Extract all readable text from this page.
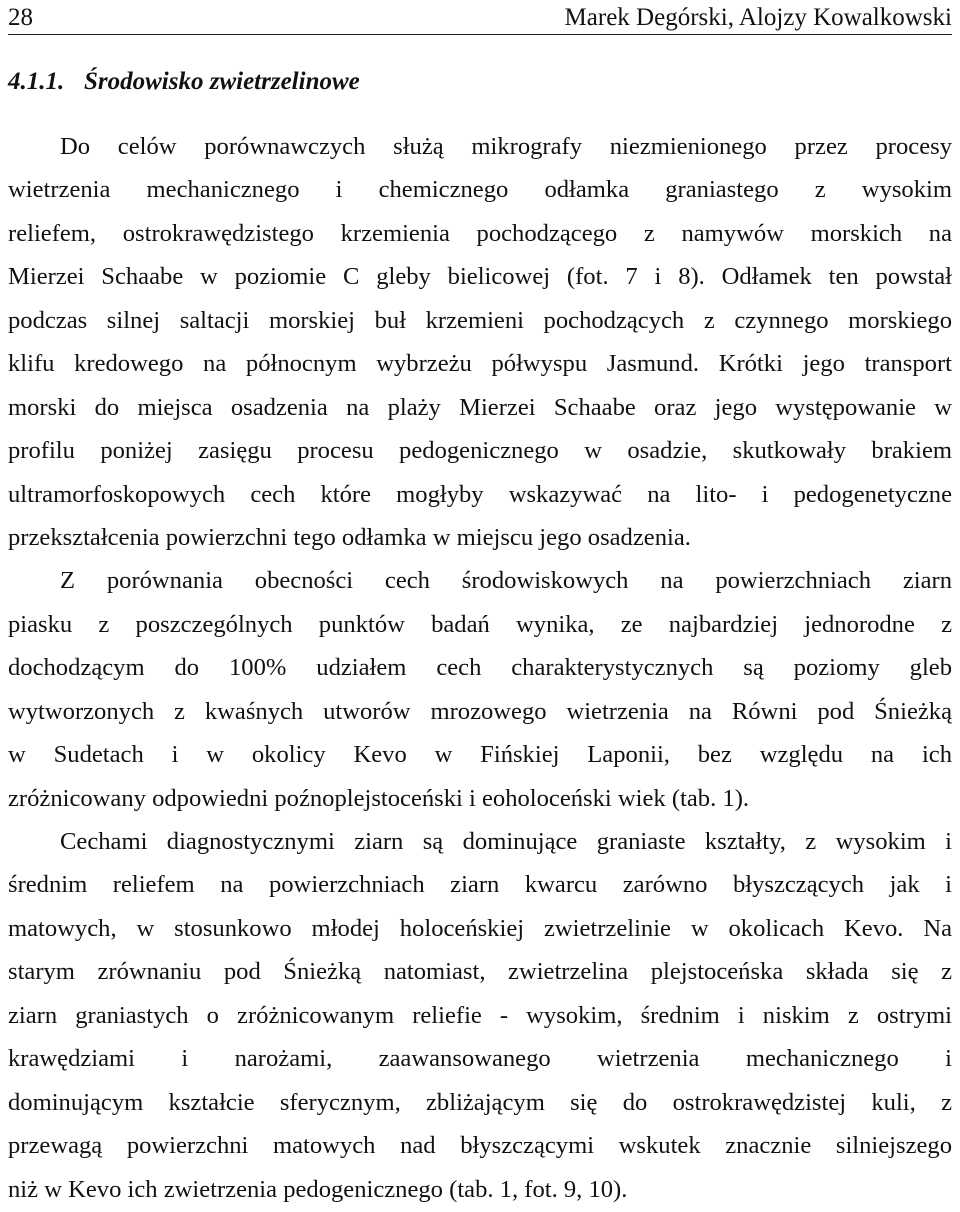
28	Marek Degórski, Alojzy Kowalkowski
4.1.1. Środowisko zwietrzelinowe
Do celów porównawczych służą mikrografy niezmienionego przez procesy
wietrzenia mechanicznego i chemicznego odłamka graniastego z wysokim
reliefem, ostrokrawędzistego krzemienia pochodzącego z namywów morskich na
Mierzei Schaabe w poziomie C gleby bielicowej (fot. 7 i 8). Odłamek ten powstał
podczas silnej saltacji morskiej buł krzemieni pochodzących z czynnego morskiego
klifu kredowego na północnym wybrzeżu półwyspu Jasmund. Krótki jego transport
morski do miejsca osadzenia na plaży Mierzei Schaabe oraz jego występowanie w
profilu poniżej zasięgu procesu pedogenicznego w osadzie, skutkowały brakiem
ultramorfoskopowych cech które mogłyby wskazywać na lito- i pedogenetyczne
przekształcenia powierzchni tego odłamka w miejscu jego osadzenia.
Z porównania obecności cech środowiskowych na powierzchniach ziarn
piasku z poszczególnych punktów badań wynika, ze najbardziej jednorodne z
dochodzącym do 100% udziałem cech charakterystycznych są poziomy gleb
wytworzonych z kwaśnych utworów mrozowego wietrzenia na Równi pod Śnieżką
w Sudetach i w okolicy Kevo w Fińskiej Laponii, bez względu na ich
zróżnicowany odpowiedni poźnoplejstoceński i eoholoceński wiek (tab. 1).
Cechami diagnostycznymi ziarn są dominujące graniaste kształty, z wysokim i
średnim reliefem na powierzchniach ziarn kwarcu zarówno błyszczących jak i
matowych, w stosunkowo młodej holoceńskiej zwietrzelinie w okolicach Kevo. Na
starym zrównaniu pod Śnieżką natomiast, zwietrzelina plejstoceńska składa się z
ziarn graniastych o zróżnicowanym reliefie - wysokim, średnim i niskim z ostrymi
krawędziami i narożami, zaawansowanego wietrzenia mechanicznego i
dominującym kształcie sferycznym, zbliżającym się do ostrokrawędzistej kuli, z
przewagą powierzchni matowych nad błyszczącymi wskutek znacznie silniejszego
niż w Kevo ich zwietrzenia pedogenicznego (tab. 1, fot. 9, 10).
